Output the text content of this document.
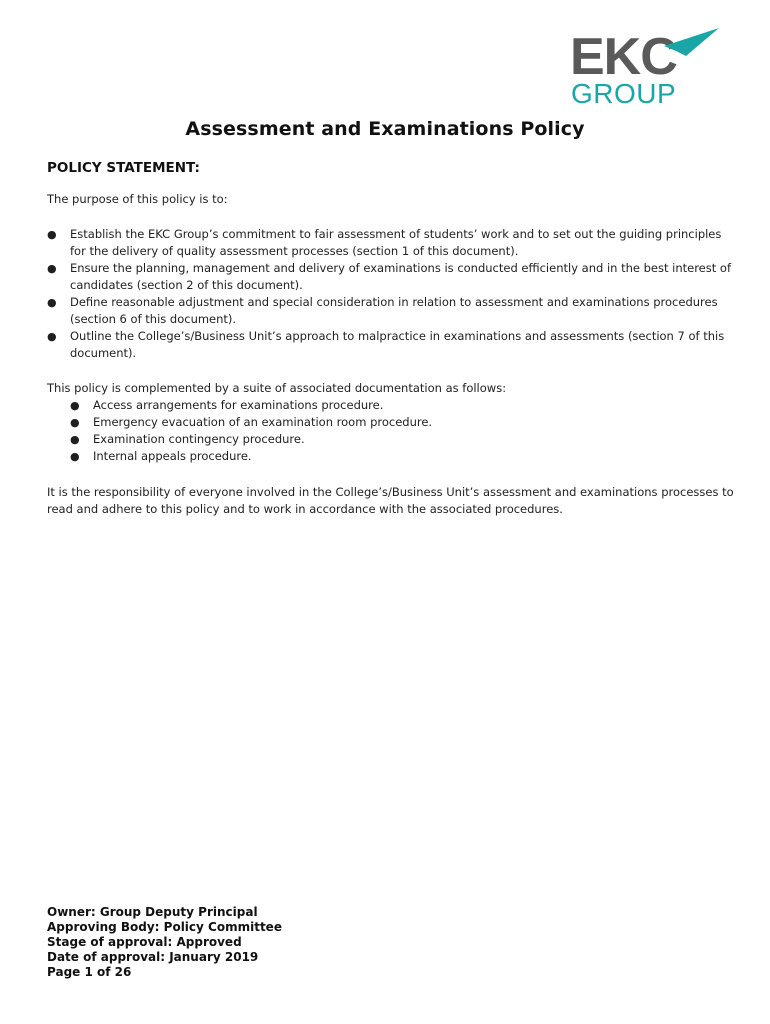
EKC
GROUP
Assessment and Examinations Policy
POLICY STATEMENT:
The purpose of this policy is to:
● Establish the EKC Group’s commitment to fair assessment of students’ work and to set out the guiding principles for the delivery of quality assessment processes (section 1 of this document).
● Ensure the planning, management and delivery of examinations is conducted efficiently and in the best interest of candidates (section 2 of this document).
● Define reasonable adjustment and special consideration in relation to assessment and examinations procedures (section 6 of this document).
● Outline the College’s/Business Unit’s approach to malpractice in examinations and assessments (section 7 of this document).
This policy is complemented by a suite of associated documentation as follows:
● Access arrangements for examinations procedure.
● Emergency evacuation of an examination room procedure.
● Examination contingency procedure.
● Internal appeals procedure.
It is the responsibility of everyone involved in the College’s/Business Unit’s assessment and examinations processes to read and adhere to this policy and to work in accordance with the associated procedures.
Owner: Group Deputy Principal
Approving Body: Policy Committee
Stage of approval: Approved
Date of approval: January 2019
Page 1 of 26
